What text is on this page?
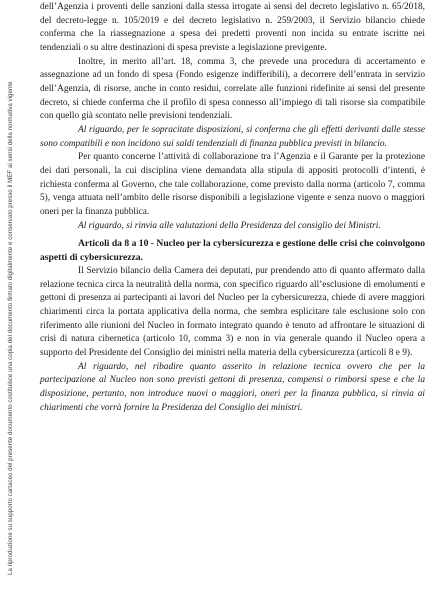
La riproduzione su supporto cartaceo del presente documento costituisce una copia del documento firmato digitalmente e conservato presso il MEF ai sensi della normativa vigente

dell’Agenzia i proventi delle sanzioni dalla stessa irrogate ai sensi del decreto legislativo n. 65/2018, del decreto-legge n. 105/2019 e del decreto legislativo n. 259/2003, il Servizio bilancio chiede conferma che la riassegnazione a spesa dei predetti proventi non incida su entrate iscritte nei tendenziali o su altre destinazioni di spesa previste a legislazione previgente.

Inoltre, in merito all’art. 18, comma 3, che prevede una procedura di accertamento e assegnazione ad un fondo di spesa (Fondo esigenze indifferibili), a decorrere dell’entrata in servizio dell’Agenzia, di risorse, anche in conto residui, correlate alle funzioni ridefinite ai sensi del presente decreto, si chiede conferma che il profilo di spesa connesso all’impiego di tali risorse sia compatibile con quello già scontato nelle previsioni tendenziali.

Al riguardo, per le sopracitate disposizioni, si conferma che gli effetti derivanti dalle stesse sono compatibili e non incidono sui saldi tendenziali di finanza pubblica previsti in bilancio.

Per quanto concerne l’attività di collaborazione tra l’Agenzia e il Garante per la protezione dei dati personali, la cui disciplina viene demandata alla stipula di appositi protocolli d’intenti, è richiesta conferma al Governo, che tale collaborazione, come previsto dalla norma (articolo 7, comma 5), venga attuata nell’ambito delle risorse disponibili a legislazione vigente e senza nuovo o maggiori oneri per la finanza pubblica.

Al riguardo, si rinvia alle valutazioni della Presidenza del consiglio dei Ministri.

Articoli da 8 a 10 - Nucleo per la cybersicurezza e gestione delle crisi che coinvolgono aspetti di cybersicurezza.

Il Servizio bilancio della Camera dei deputati, pur prendendo atto di quanto affermato dalla relazione tecnica circa la neutralità della norma, con specifico riguardo all’esclusione di emolumenti e gettoni di presenza ai partecipanti ai lavori del Nucleo per la cybersicurezza, chiede di avere maggiori chiarimenti circa la portata applicativa della norma, che sembra esplicitare tale esclusione solo con riferimento alle riunioni del Nucleo in formato integrato quando è tenuto ad affrontare le situazioni di crisi di natura cibernetica (articolo 10, comma 3) e non in via generale quando il Nucleo opera a supporto del Presidente del Consiglio dei ministri nella materia della cybersicurezza (articoli 8 e 9).

Al riguardo, nel ribadire quanto asserito in relazione tecnica ovvero che per la partecipazione al Nucleo non sono previsti gettoni di presenza, compensi o rimborsi spese e che la disposizione, pertanto, non introduce nuovi o maggiori, oneri per la finanza pubblica, si rinvia ai chiarimenti che vorrà fornire la Presidenza del Consiglio dei ministri.
